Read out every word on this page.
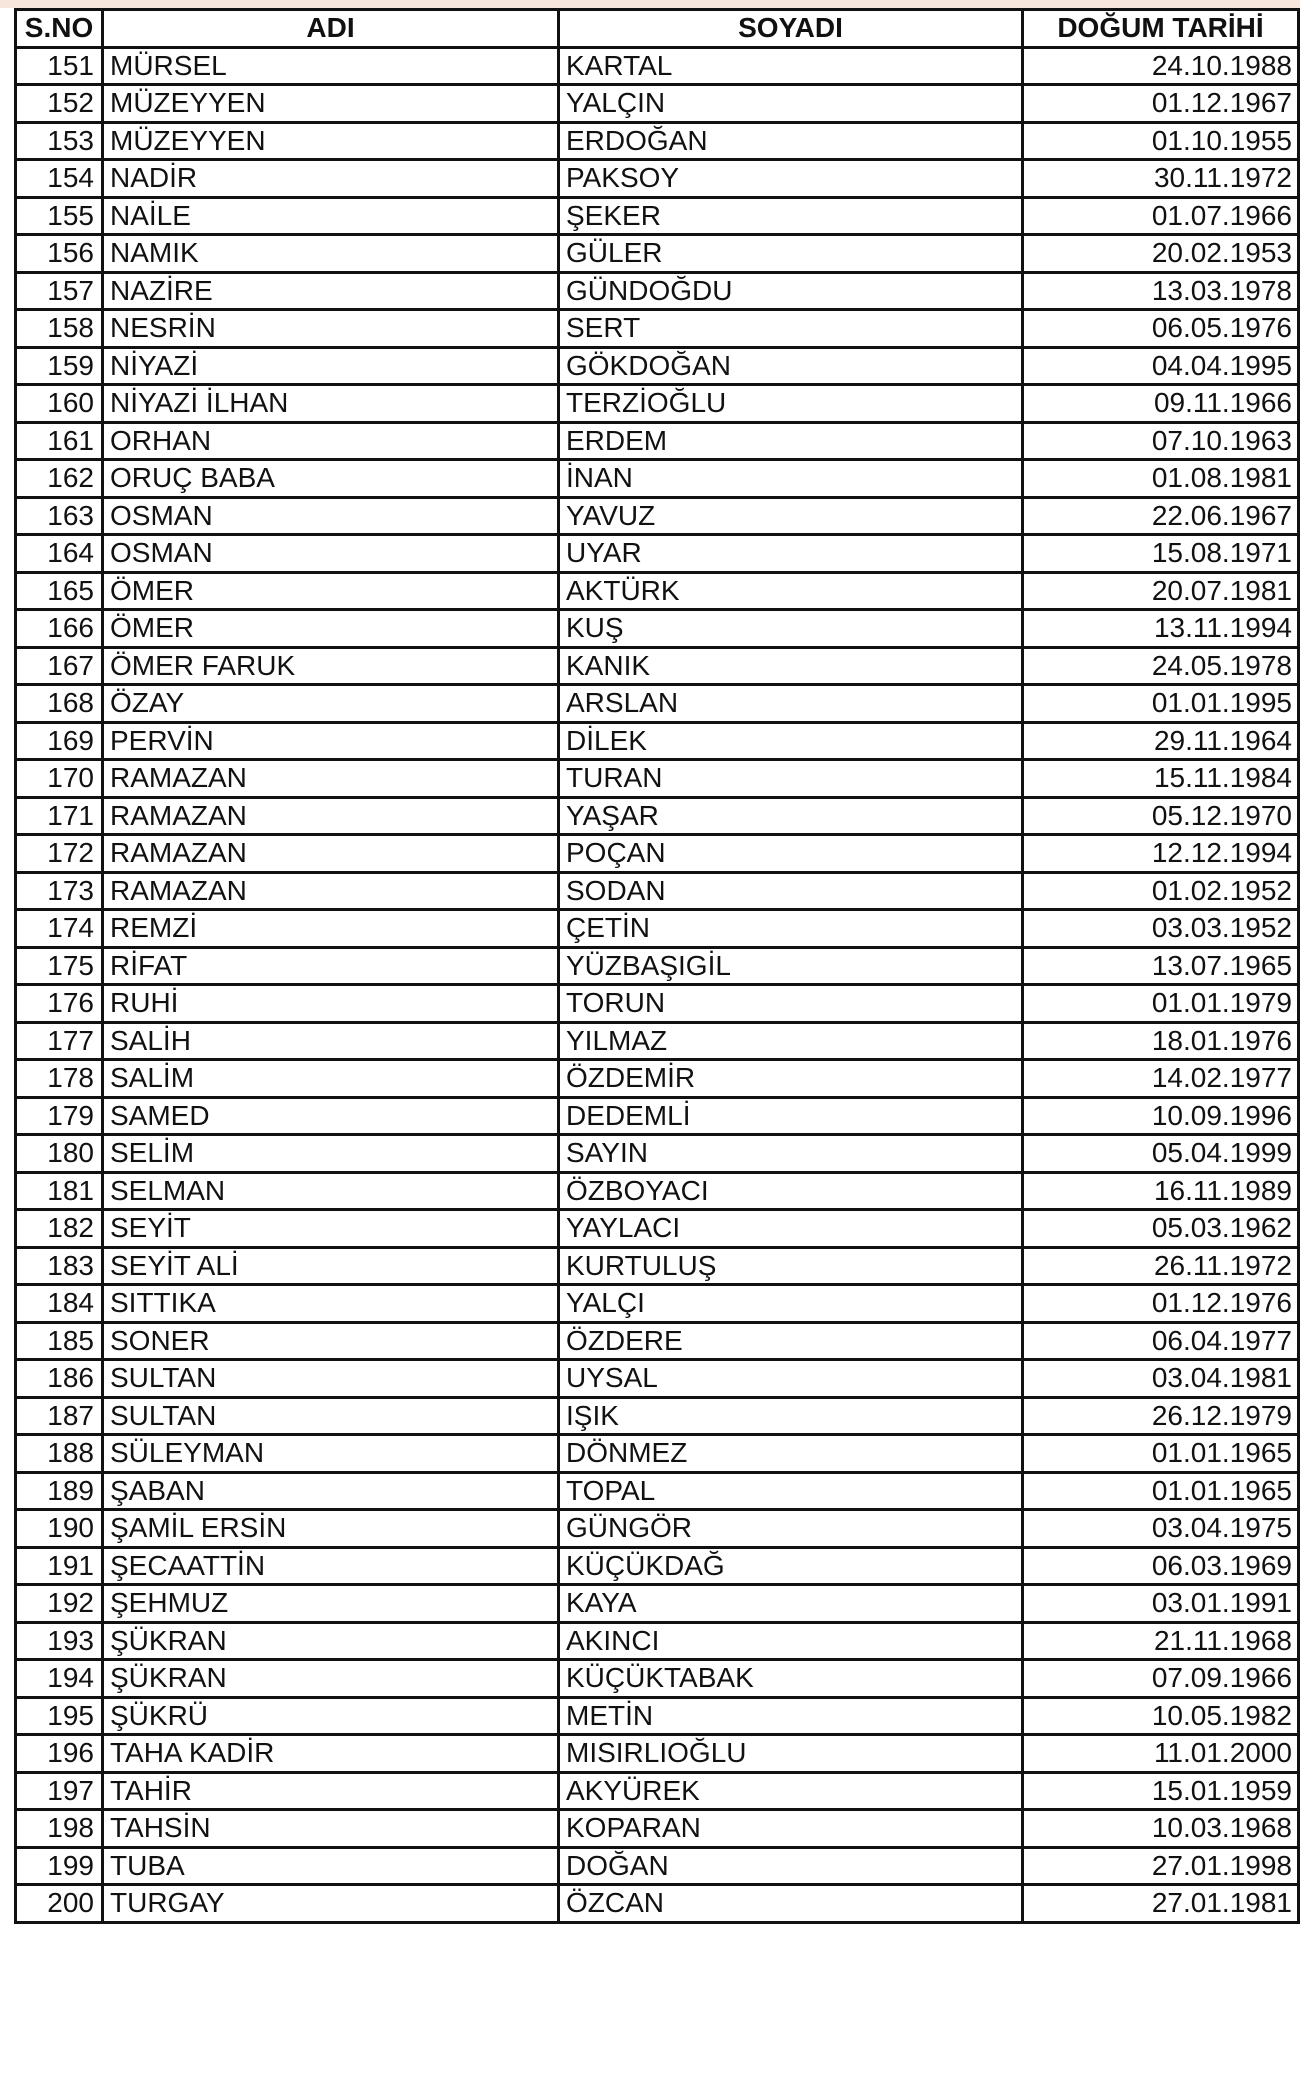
S.NO	ADI	SOYADI	DOĞUM TARİHİ
151	MÜRSEL	KARTAL	24.10.1988
152	MÜZEYYEN	YALÇIN	01.12.1967
153	MÜZEYYEN	ERDOĞAN	01.10.1955
154	NADİR	PAKSOY	30.11.1972
155	NAİLE	ŞEKER	01.07.1966
156	NAMIK	GÜLER	20.02.1953
157	NAZİRE	GÜNDOĞDU	13.03.1978
158	NESRİN	SERT	06.05.1976
159	NİYAZİ	GÖKDOĞAN	04.04.1995
160	NİYAZİ İLHAN	TERZİOĞLU	09.11.1966
161	ORHAN	ERDEM	07.10.1963
162	ORUÇ BABA	İNAN	01.08.1981
163	OSMAN	YAVUZ	22.06.1967
164	OSMAN	UYAR	15.08.1971
165	ÖMER	AKTÜRK	20.07.1981
166	ÖMER	KUŞ	13.11.1994
167	ÖMER FARUK	KANIK	24.05.1978
168	ÖZAY	ARSLAN	01.01.1995
169	PERVİN	DİLEK	29.11.1964
170	RAMAZAN	TURAN	15.11.1984
171	RAMAZAN	YAŞAR	05.12.1970
172	RAMAZAN	POÇAN	12.12.1994
173	RAMAZAN	SODAN	01.02.1952
174	REMZİ	ÇETİN	03.03.1952
175	RİFAT	YÜZBAŞIGİL	13.07.1965
176	RUHİ	TORUN	01.01.1979
177	SALİH	YILMAZ	18.01.1976
178	SALİM	ÖZDEMİR	14.02.1977
179	SAMED	DEDEMLİ	10.09.1996
180	SELİM	SAYIN	05.04.1999
181	SELMAN	ÖZBOYACI	16.11.1989
182	SEYİT	YAYLACI	05.03.1962
183	SEYİT ALİ	KURTULUŞ	26.11.1972
184	SITTIKA	YALÇI	01.12.1976
185	SONER	ÖZDERE	06.04.1977
186	SULTAN	UYSAL	03.04.1981
187	SULTAN	IŞIK	26.12.1979
188	SÜLEYMAN	DÖNMEZ	01.01.1965
189	ŞABAN	TOPAL	01.01.1965
190	ŞAMİL ERSİN	GÜNGÖR	03.04.1975
191	ŞECAATTİN	KÜÇÜKDAĞ	06.03.1969
192	ŞEHMUZ	KAYA	03.01.1991
193	ŞÜKRAN	AKINCI	21.11.1968
194	ŞÜKRAN	KÜÇÜKTABAK	07.09.1966
195	ŞÜKRÜ	METİN	10.05.1982
196	TAHA KADİR	MISIRLIOĞLU	11.01.2000
197	TAHİR	AKYÜREK	15.01.1959
198	TAHSİN	KOPARAN	10.03.1968
199	TUBA	DOĞAN	27.01.1998
200	TURGAY	ÖZCAN	27.01.1981
